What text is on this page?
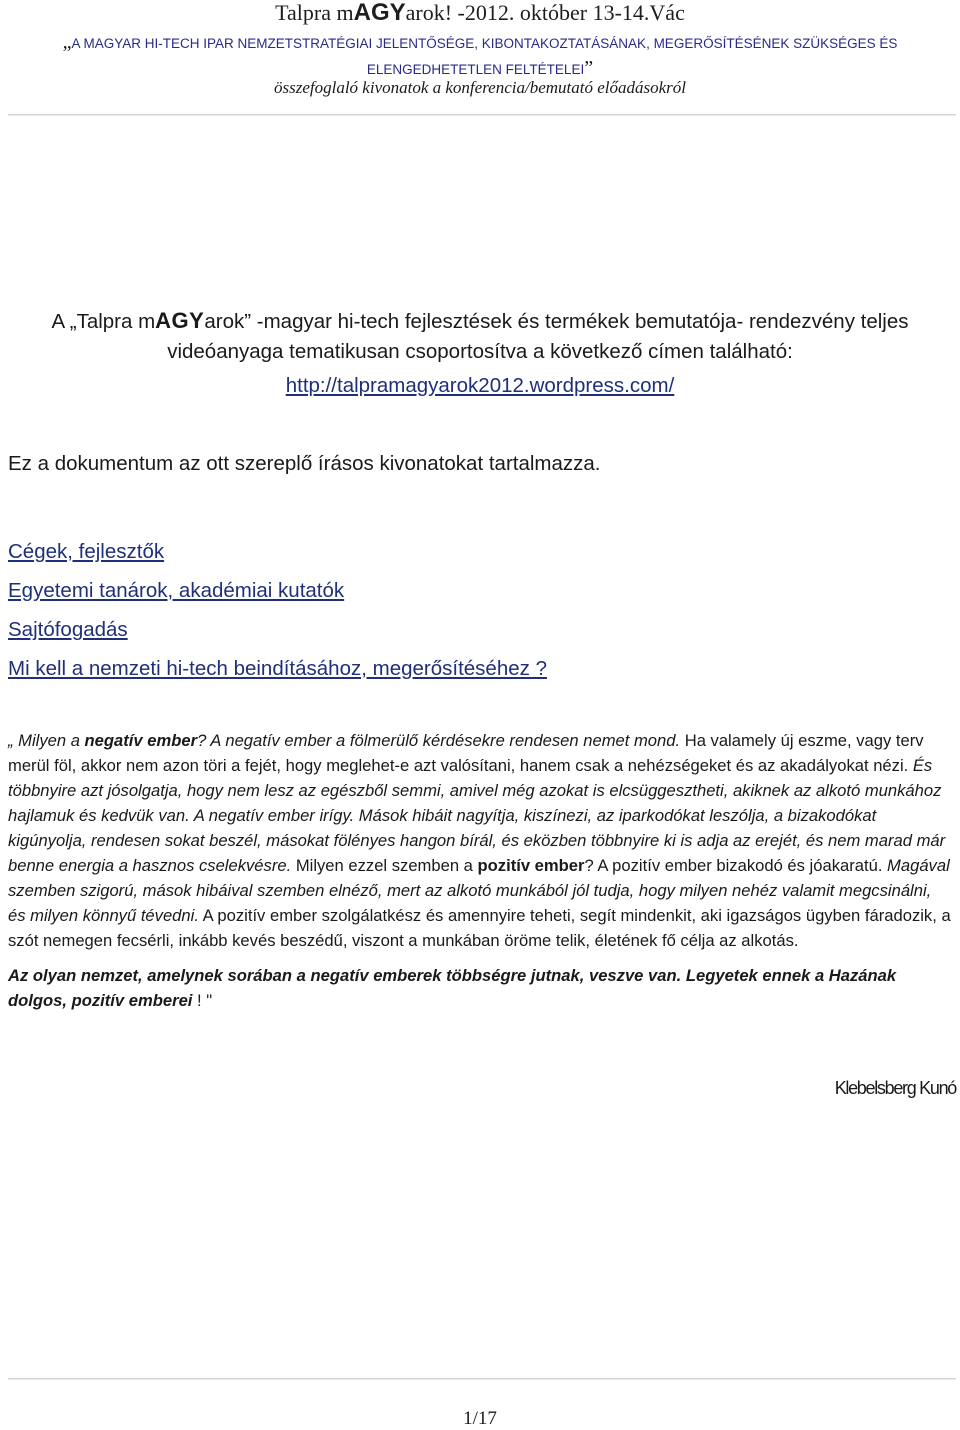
Talpra mAGYarok! -2012. október 13-14.Vác
„A MAGYAR HI-TECH IPAR NEMZETSTRATÉGIAI JELENTŐSÉGE, KIBONTAKOZTATÁSÁNAK, MEGERŐSÍTÉSÉNEK SZÜKSÉGES ÉS ELENGEDHETETLEN FELTÉTELEI”
összefoglaló kivonatok a konferencia/bemutató előadásokról
A „Talpra mAGYarok” -magyar hi-tech fejlesztések és termékek bemutatója- rendezvény teljes videóanyaga tematikusan csoportosítva a következő címen található:
http://talpramagyarok2012.wordpress.com/
Ez a dokumentum az ott szereplő írásos kivonatokat tartalmazza.
Cégek, fejlesztők
Egyetemi tanárok, akadémiai kutatók
Sajtófogadás
Mi kell a nemzeti hi-tech beindításához, megerősítéséhez ?

„ Milyen a negatív ember? A negatív ember a fölmerülő kérdésekre rendesen nemet mond. Ha valamely új eszme, vagy terv merül föl, akkor nem azon töri a fejét, hogy meglehet-e azt valósítani, hanem csak a nehézségeket és az akadályokat nézi. És többnyire azt jósolgatja, hogy nem lesz az egészből semmi, amivel még azokat is elcsüggesztheti, akiknek az alkotó munkához hajlamuk és kedvük van. A negatív ember irígy. Mások hibáit nagyítja, kiszínezi, az iparkodókat leszólja, a bizakodókat kigúnyolja, rendesen sokat beszél, másokat fölényes hangon bírál, és eközben többnyire ki is adja az erejét, és nem marad már benne energia a hasznos cselekvésre. Milyen ezzel szemben a pozitív ember? A pozitív ember bizakodó és jóakaratú. Magával szemben szigorú, mások hibáival szemben elnéző, mert az alkotó munkából jól tudja, hogy milyen nehéz valamit megcsinálni, és milyen könnyű tévedni. A pozitív ember szolgálatkész és amennyire teheti, segít mindenkit, aki igazságos ügyben fáradozik, a szót nemegen fecsérli, inkább kevés beszédű, viszont a munkában öröme telik, életének fő célja az alkotás.

Az olyan nemzet, amelynek sorában a negatív emberek többségre jutnak, veszve van. Legyetek ennek a Hazának dolgos, pozitív emberei ! "

Klebelsberg Kunó
1/17
